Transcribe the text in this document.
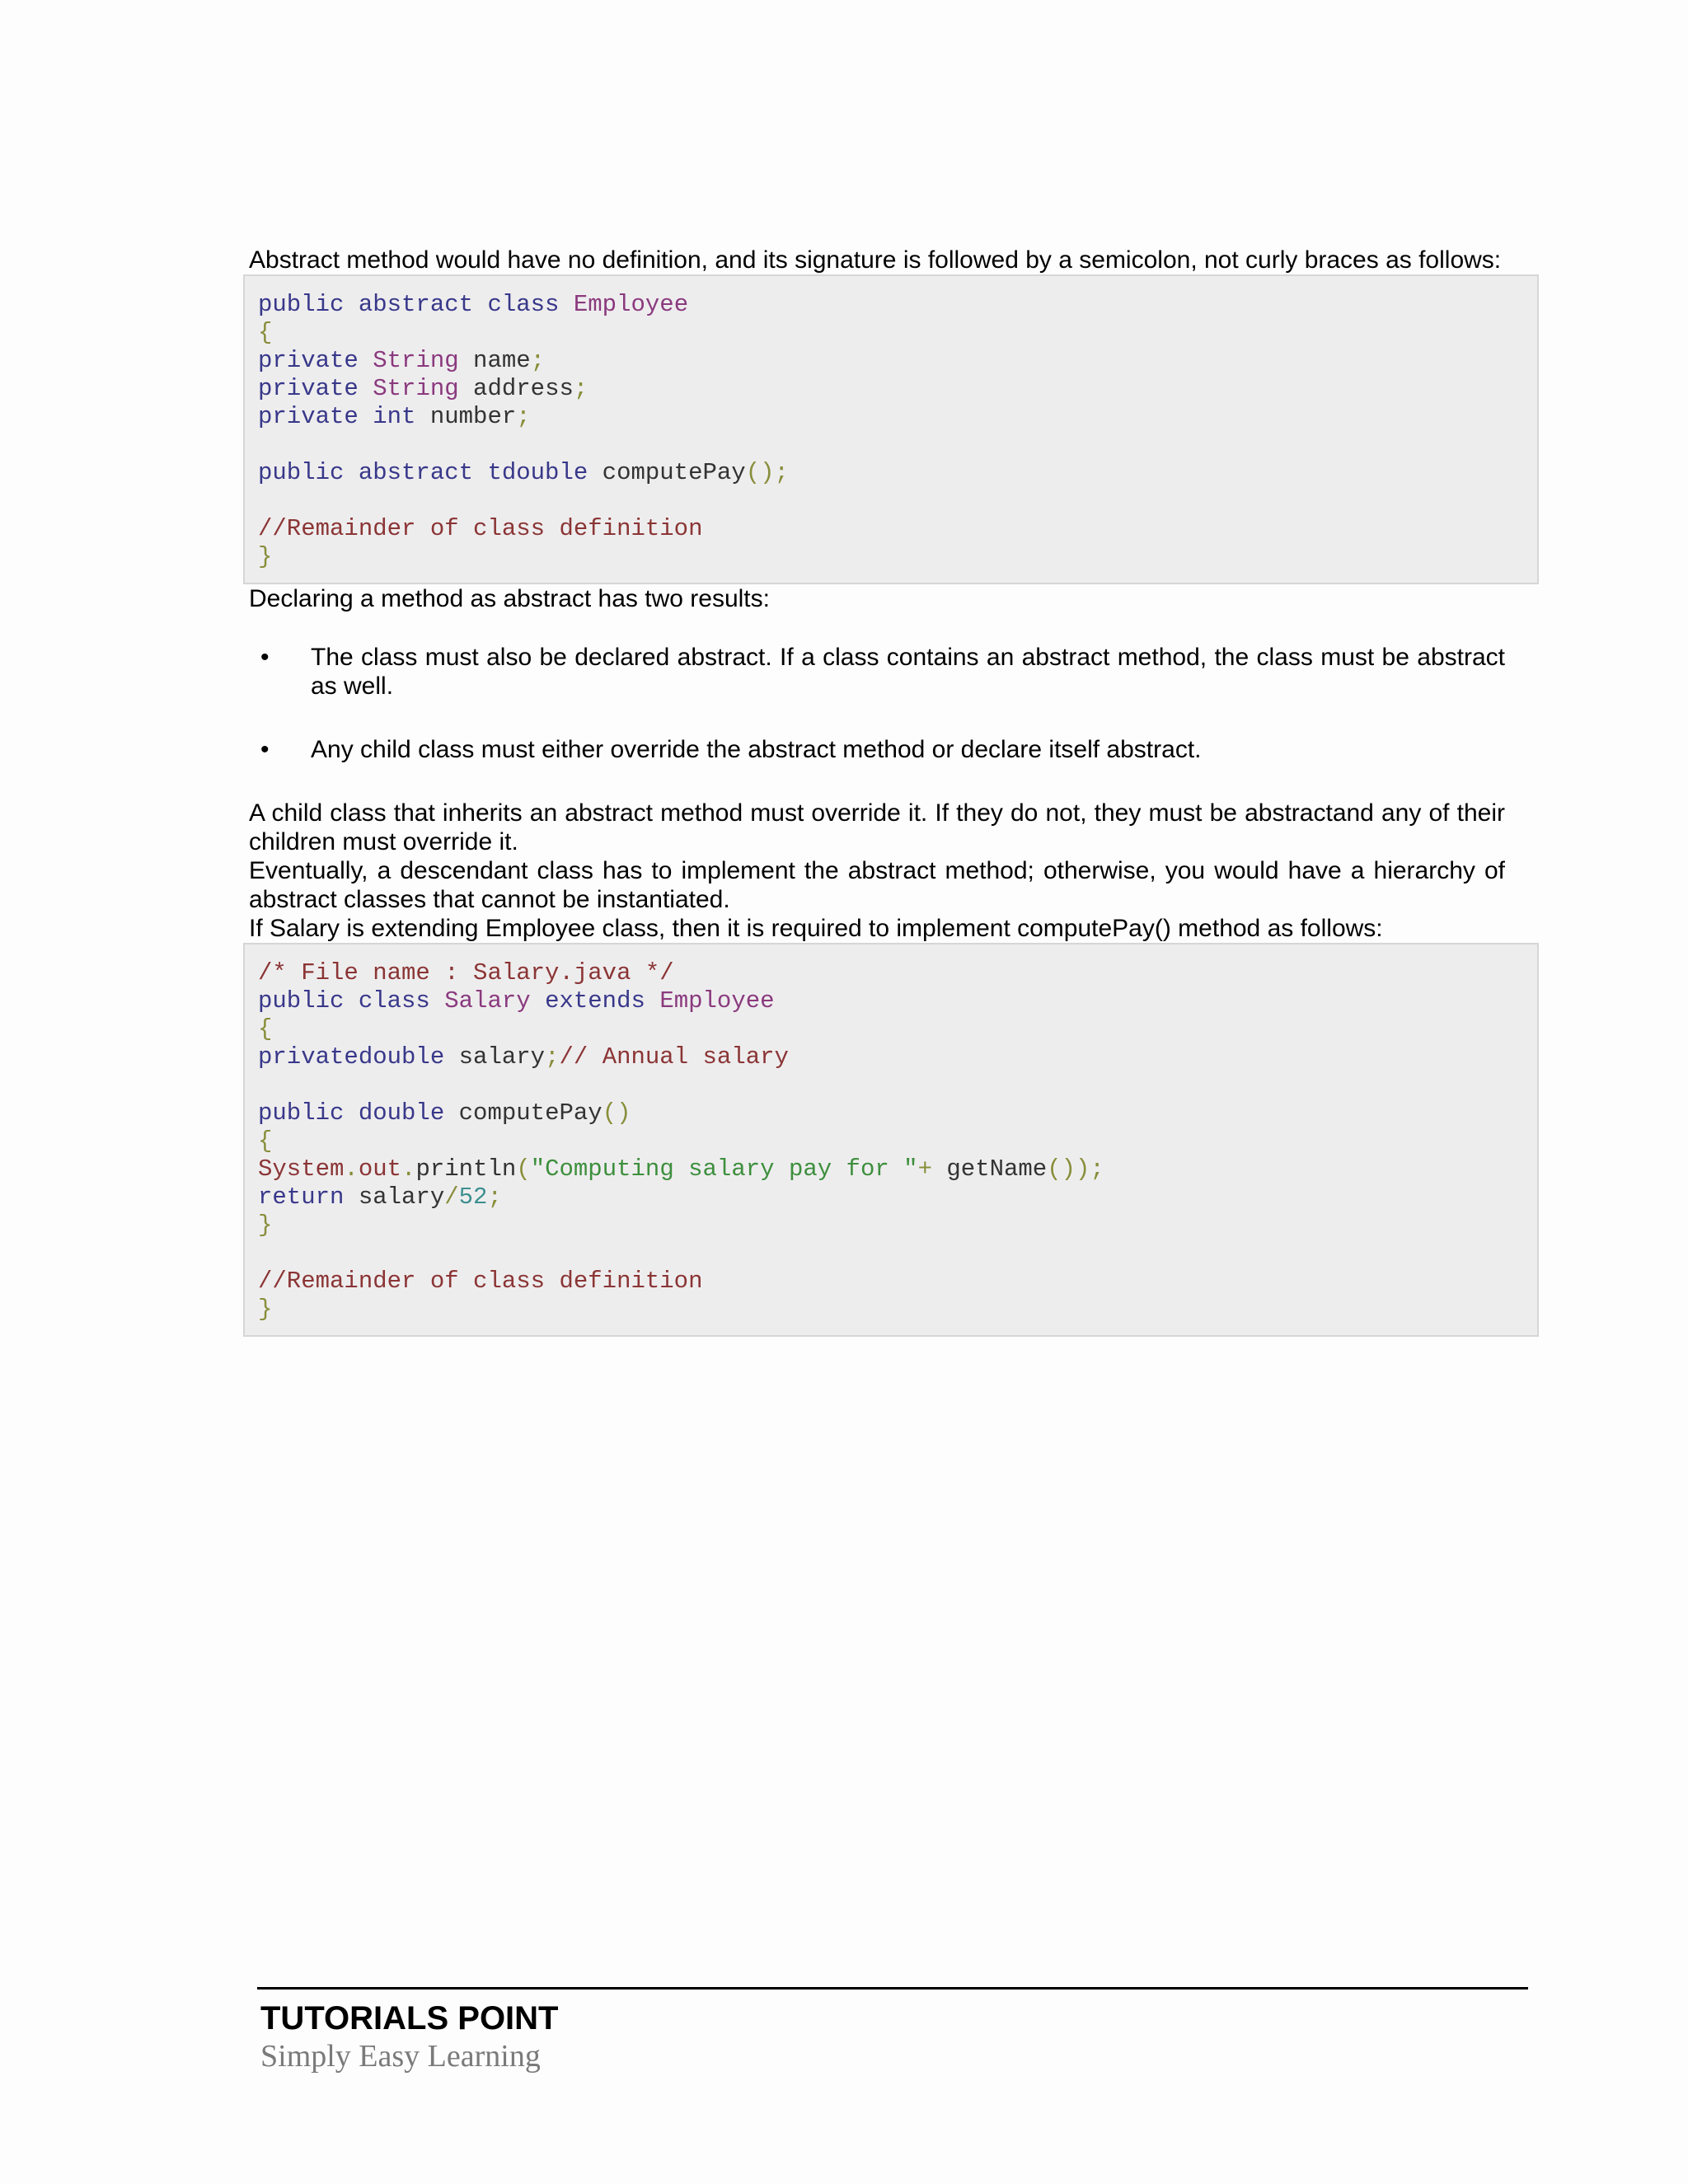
Abstract method would have no definition, and its signature is followed by a semicolon, not curly braces as follows:

public abstract class Employee
{
private String name;
private String address;
private int number;
public abstract tdouble computePay();
//Remainder of class definition
}

Declaring a method as abstract has two results:

• The class must also be declared abstract. If a class contains an abstract method, the class must be abstract as well.
• Any child class must either override the abstract method or declare itself abstract.

A child class that inherits an abstract method must override it. If they do not, they must be abstractand any of their children must override it.

Eventually, a descendant class has to implement the abstract method; otherwise, you would have a hierarchy of abstract classes that cannot be instantiated.

If Salary is extending Employee class, then it is required to implement computePay() method as follows:

/* File name : Salary.java */
public class Salary extends Employee
{
privatedouble salary;// Annual salary
public double computePay()
{
System.out.println("Computing salary pay for "+ getName());
return salary/52;
}
//Remainder of class definition
}
TUTORIALS POINT
Simply Easy Learning
